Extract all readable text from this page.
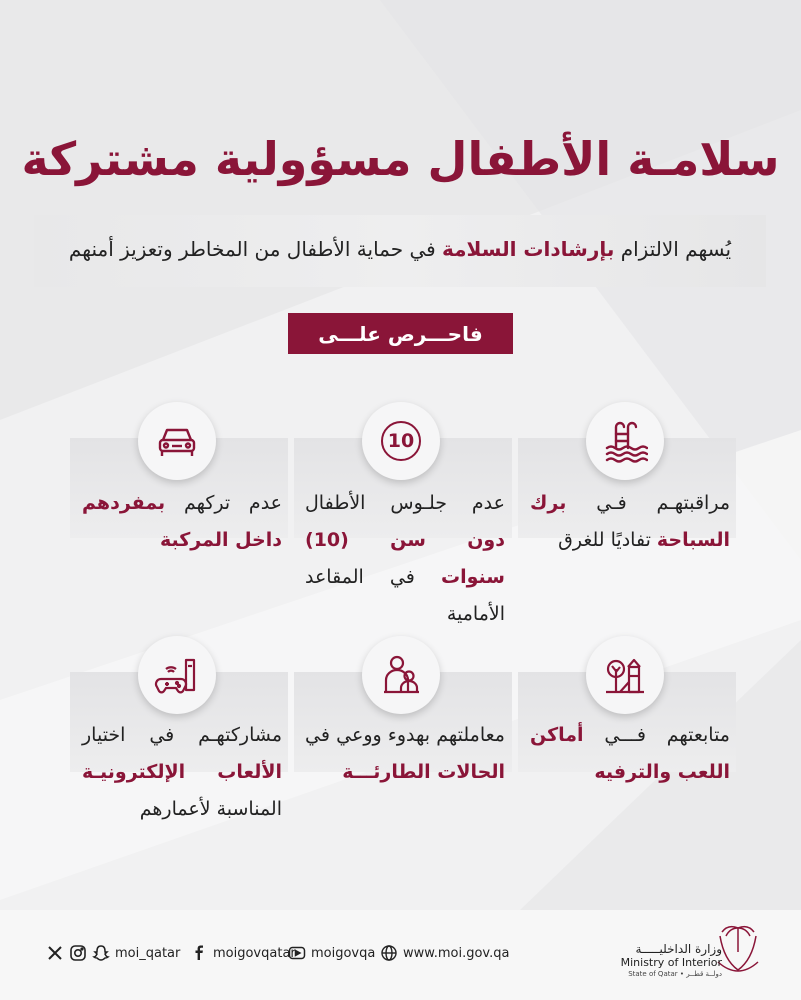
سلامـة الأطفال مسؤولية مشتركة

يُسهم الالتزام بإرشادات السلامة في حماية الأطفال من المخاطر وتعزيز أمنهم

فاحـــرص علـــى
10
مراقبتهـم فـي برك السباحة تفاديًا للغرق
عدم جلـوس الأطفال دون سن (10) سنوات في المقاعد الأمامية
عدم تركهم بمفردهم داخل المركبة
متابعتهم فـــي أماكن اللعب والترفيه
معاملتهم بهدوء ووعي في الحالات الطارئـــة
مشاركتهـم في اختيار الألعاب الإلكترونيـة المناسبة لأعمارهم
moi_qatar	moigovqatar moigovqa www.moi.gov.qa	وزارة الداخليـــــة
Ministry of Interior
State of Qatar • دولــة قطــر
